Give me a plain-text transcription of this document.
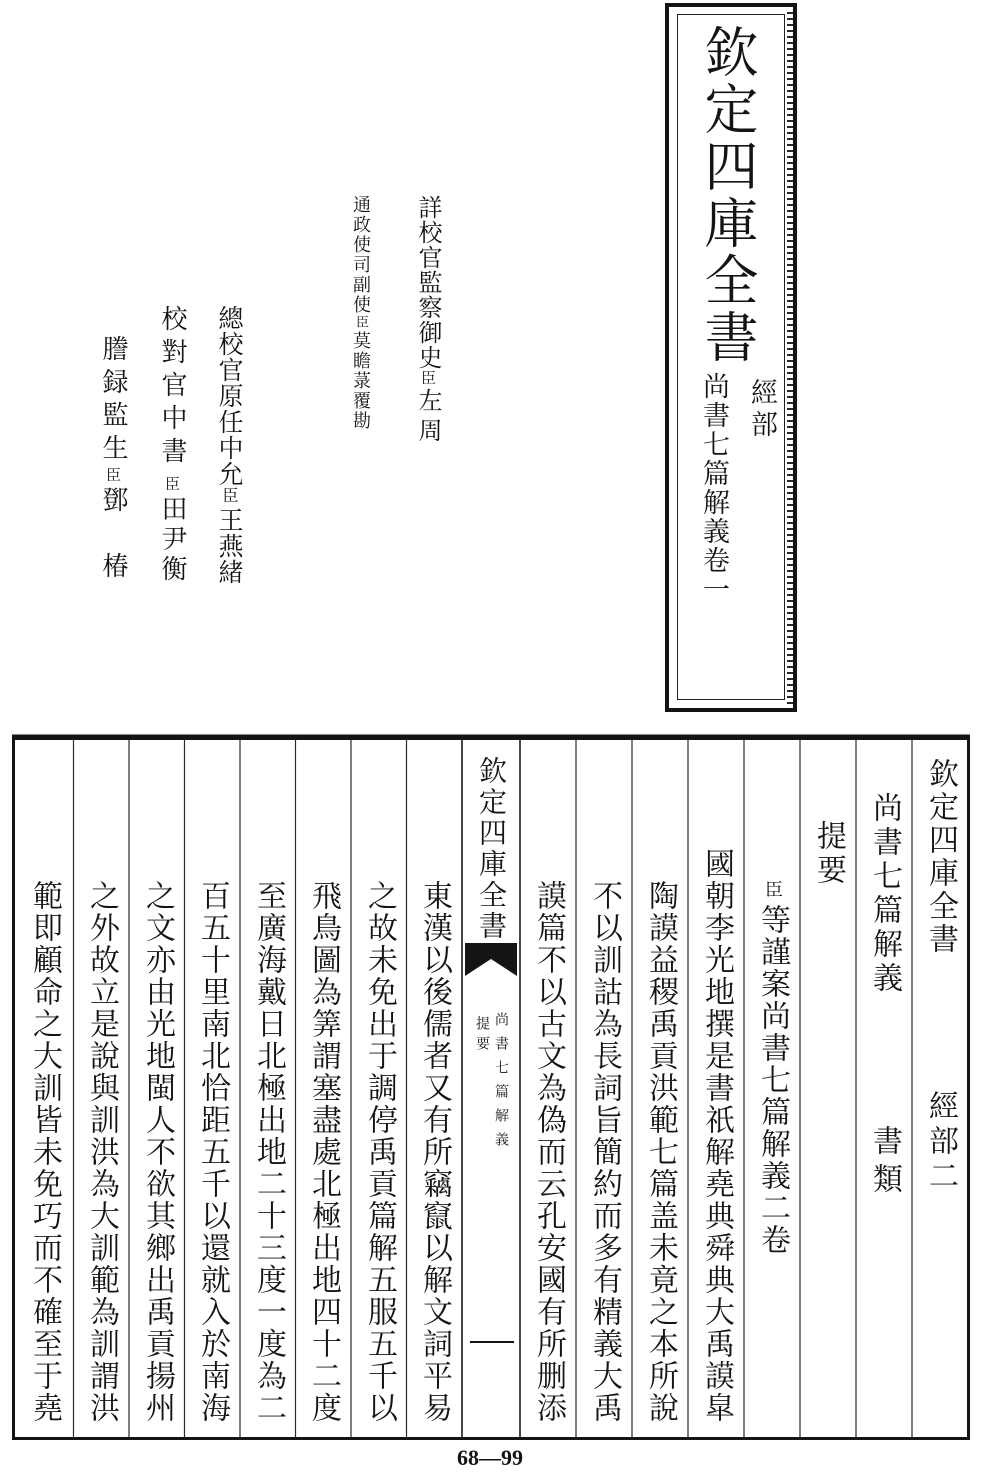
欽定四庫全書
經部
尚書七篇解義卷一
詳校官監察御史臣左周
通政使司副使臣莫瞻菉覆勘
總校官原任中允臣王燕緒
校對官中書臣田尹衡
謄録監生臣鄧椿
欽定四庫全書
經部二
尚書七篇解義
書類
提要
臣等謹案尚書七篇解義二卷
國朝李光地撰是書祇解堯典舜典大禹謨皐
陶謨益稷禹貢洪範七篇盖未竟之本所說
不以訓詁為長詞旨簡約而多有精義大禹
謨篇不以古文為偽而云孔安國有所删添
欽定四庫全書
尚書七篇解義
提要
東漢以後儒者又有所竊竄以解文詞平易
之故未免出于調停禹貢篇解五服五千以
飛鳥圖為筭謂塞盡處北極出地四十二度
至廣海戴日北極出地二十三度一度為二
百五十里南北恰距五千以還就入於南海
之文亦由光地閩人不欲其鄉出禹貢揚州
之外故立是說與訓洪為大訓範為訓謂洪
範即顧命之大訓皆未免巧而不確至于堯
68—99
